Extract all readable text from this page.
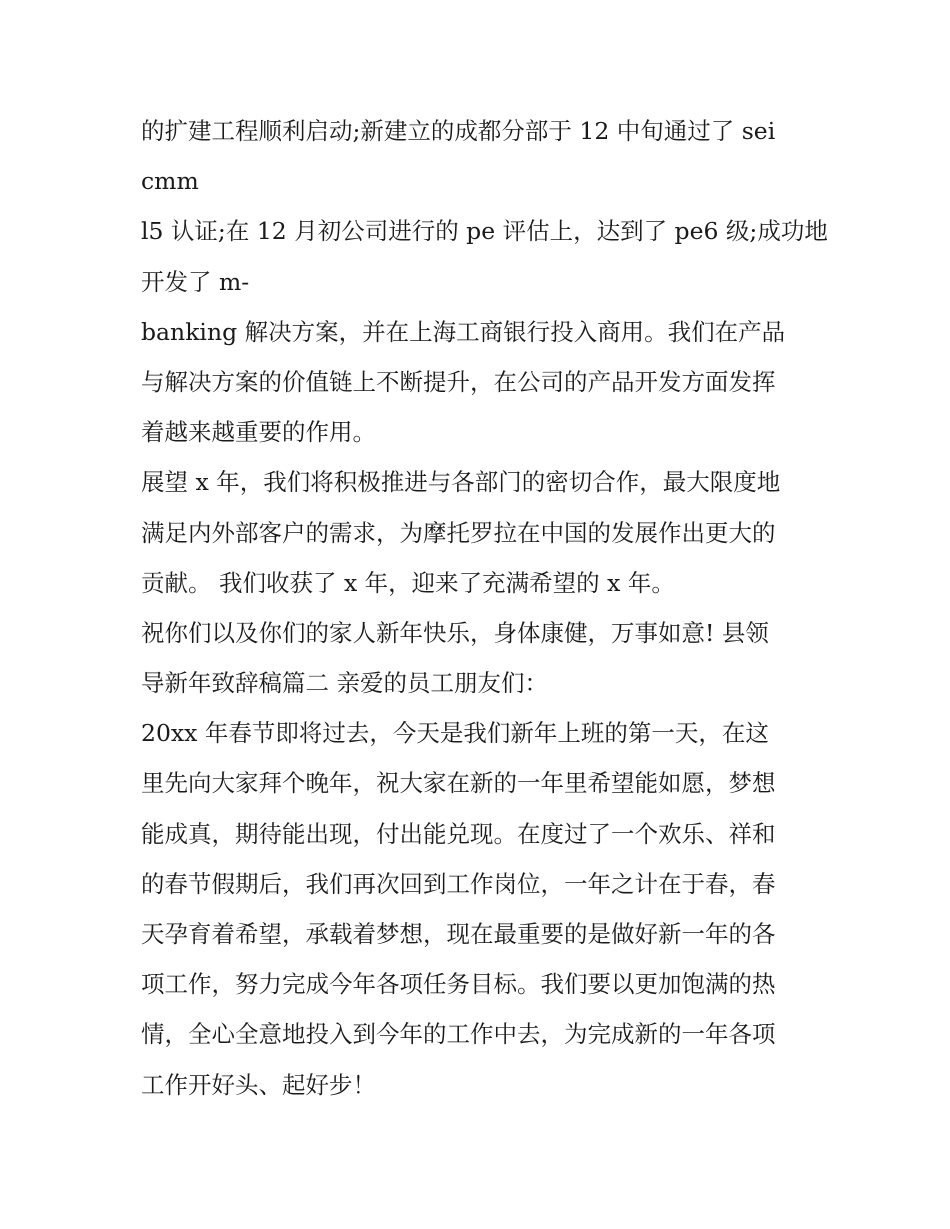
的扩建工程顺利启动;新建立的成都分部于 12 中旬通过了 sei

cmm

l5 认证;在 12 月初公司进行的 pe 评估上，达到了 pe6 级;成功地

开发了 m-

banking 解决方案，并在上海工商银行投入商用。我们在产品

与解决方案的价值链上不断提升，在公司的产品开发方面发挥

着越来越重要的作用。

展望 x 年，我们将积极推进与各部门的密切合作，最大限度地

满足内外部客户的需求，为摩托罗拉在中国的发展作出更大的

贡献。 我们收获了 x 年，迎来了充满希望的 x 年。

祝你们以及你们的家人新年快乐，身体康健，万事如意! 县领

导新年致辞稿篇二 亲爱的员工朋友们：

20xx 年春节即将过去，今天是我们新年上班的第一天，在这

里先向大家拜个晚年，祝大家在新的一年里希望能如愿，梦想

能成真，期待能出现，付出能兑现。在度过了一个欢乐、祥和

的春节假期后，我们再次回到工作岗位，一年之计在于春，春

天孕育着希望，承载着梦想，现在最重要的是做好新一年的各

项工作，努力完成今年各项任务目标。我们要以更加饱满的热

情，全心全意地投入到今年的工作中去，为完成新的一年各项

工作开好头、起好步！
